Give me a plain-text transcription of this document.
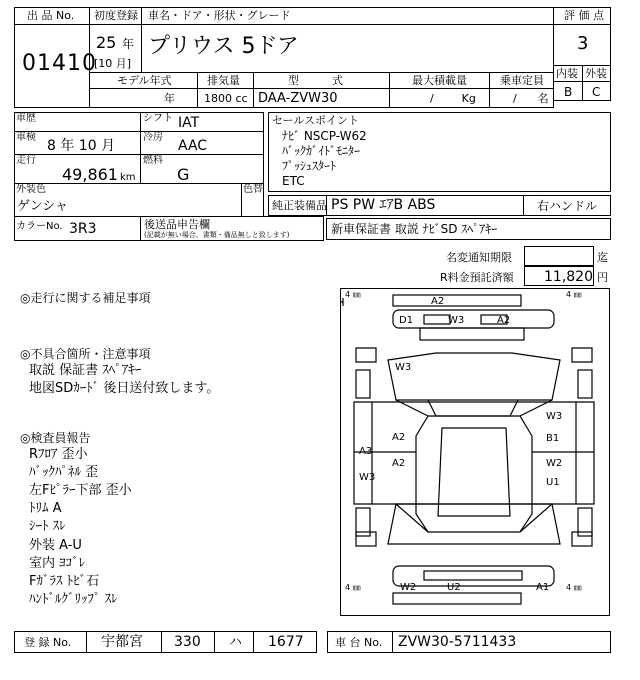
出 品 No.
01410
初度登録 車名・ドア・形状・グレード
25 年
[10 月]
プリウス 5ドア
評 価 点
3
内装 外装
B C
モデル年式	排気量	型　　　式	最大積載量	乗車定員
年	1800 cc DAA-ZVW30	/        Kg	/      名
車歴	シフト IAT
車検
8 年 10 月
冷房
AAC
走行
49,861 km
燃料
G
外装色
ゲンシャ
色替
カラーNo. 3R3	後送品申告欄
(記載が無い場合、書類・備品無しと致します)
セールスポイント
ﾅﾋﾞ NSCP-W62
ﾊﾞｯｸｶﾞｲﾄﾞﾓﾆﾀｰ
ﾌﾟｯｼｭｽﾀｰﾄ
ETC
純正装備品 PS PW ｴｱB ABS	右ハンドル
新車保証書 取説 ﾅﾋﾞSD ｽﾍﾟｱｷｰ
名変通知期限	迄
R料金預託済額 11,820 円
◎走行に関する補足事項
◎不具合箇所・注意事項
取説 保証書 ｽﾍﾟｱｷｰ
地図SDｶｰﾄﾞ 後日送付致します。
◎検査員報告
Rﾌﾛｱ 歪小
ﾊﾞｯｸﾊﾟﾈﾙ 歪
左Fﾋﾟﾗｰ下部 歪小
ﾄﾘﾑ A
ｼｰﾄ ｽﾚ
外装 A-U
室内 ﾖｺﾞﾚ
Fｶﾞﾗｽ ﾄﾋﾞ石
ﾊﾝﾄﾞﾙｸﾞﾘｯﾌﾟ ｽﾚ
4 ㎜	4 ㎜
4 ㎜	4 ㎜
A2
D1	W3	A2
W3
A3
W3
A2
A2
W3
B1
W2
U1
W2	U2	A1
登 録 No. 宇都宮 330 ハ 1677	車 台 No. ZVW30-5711433
